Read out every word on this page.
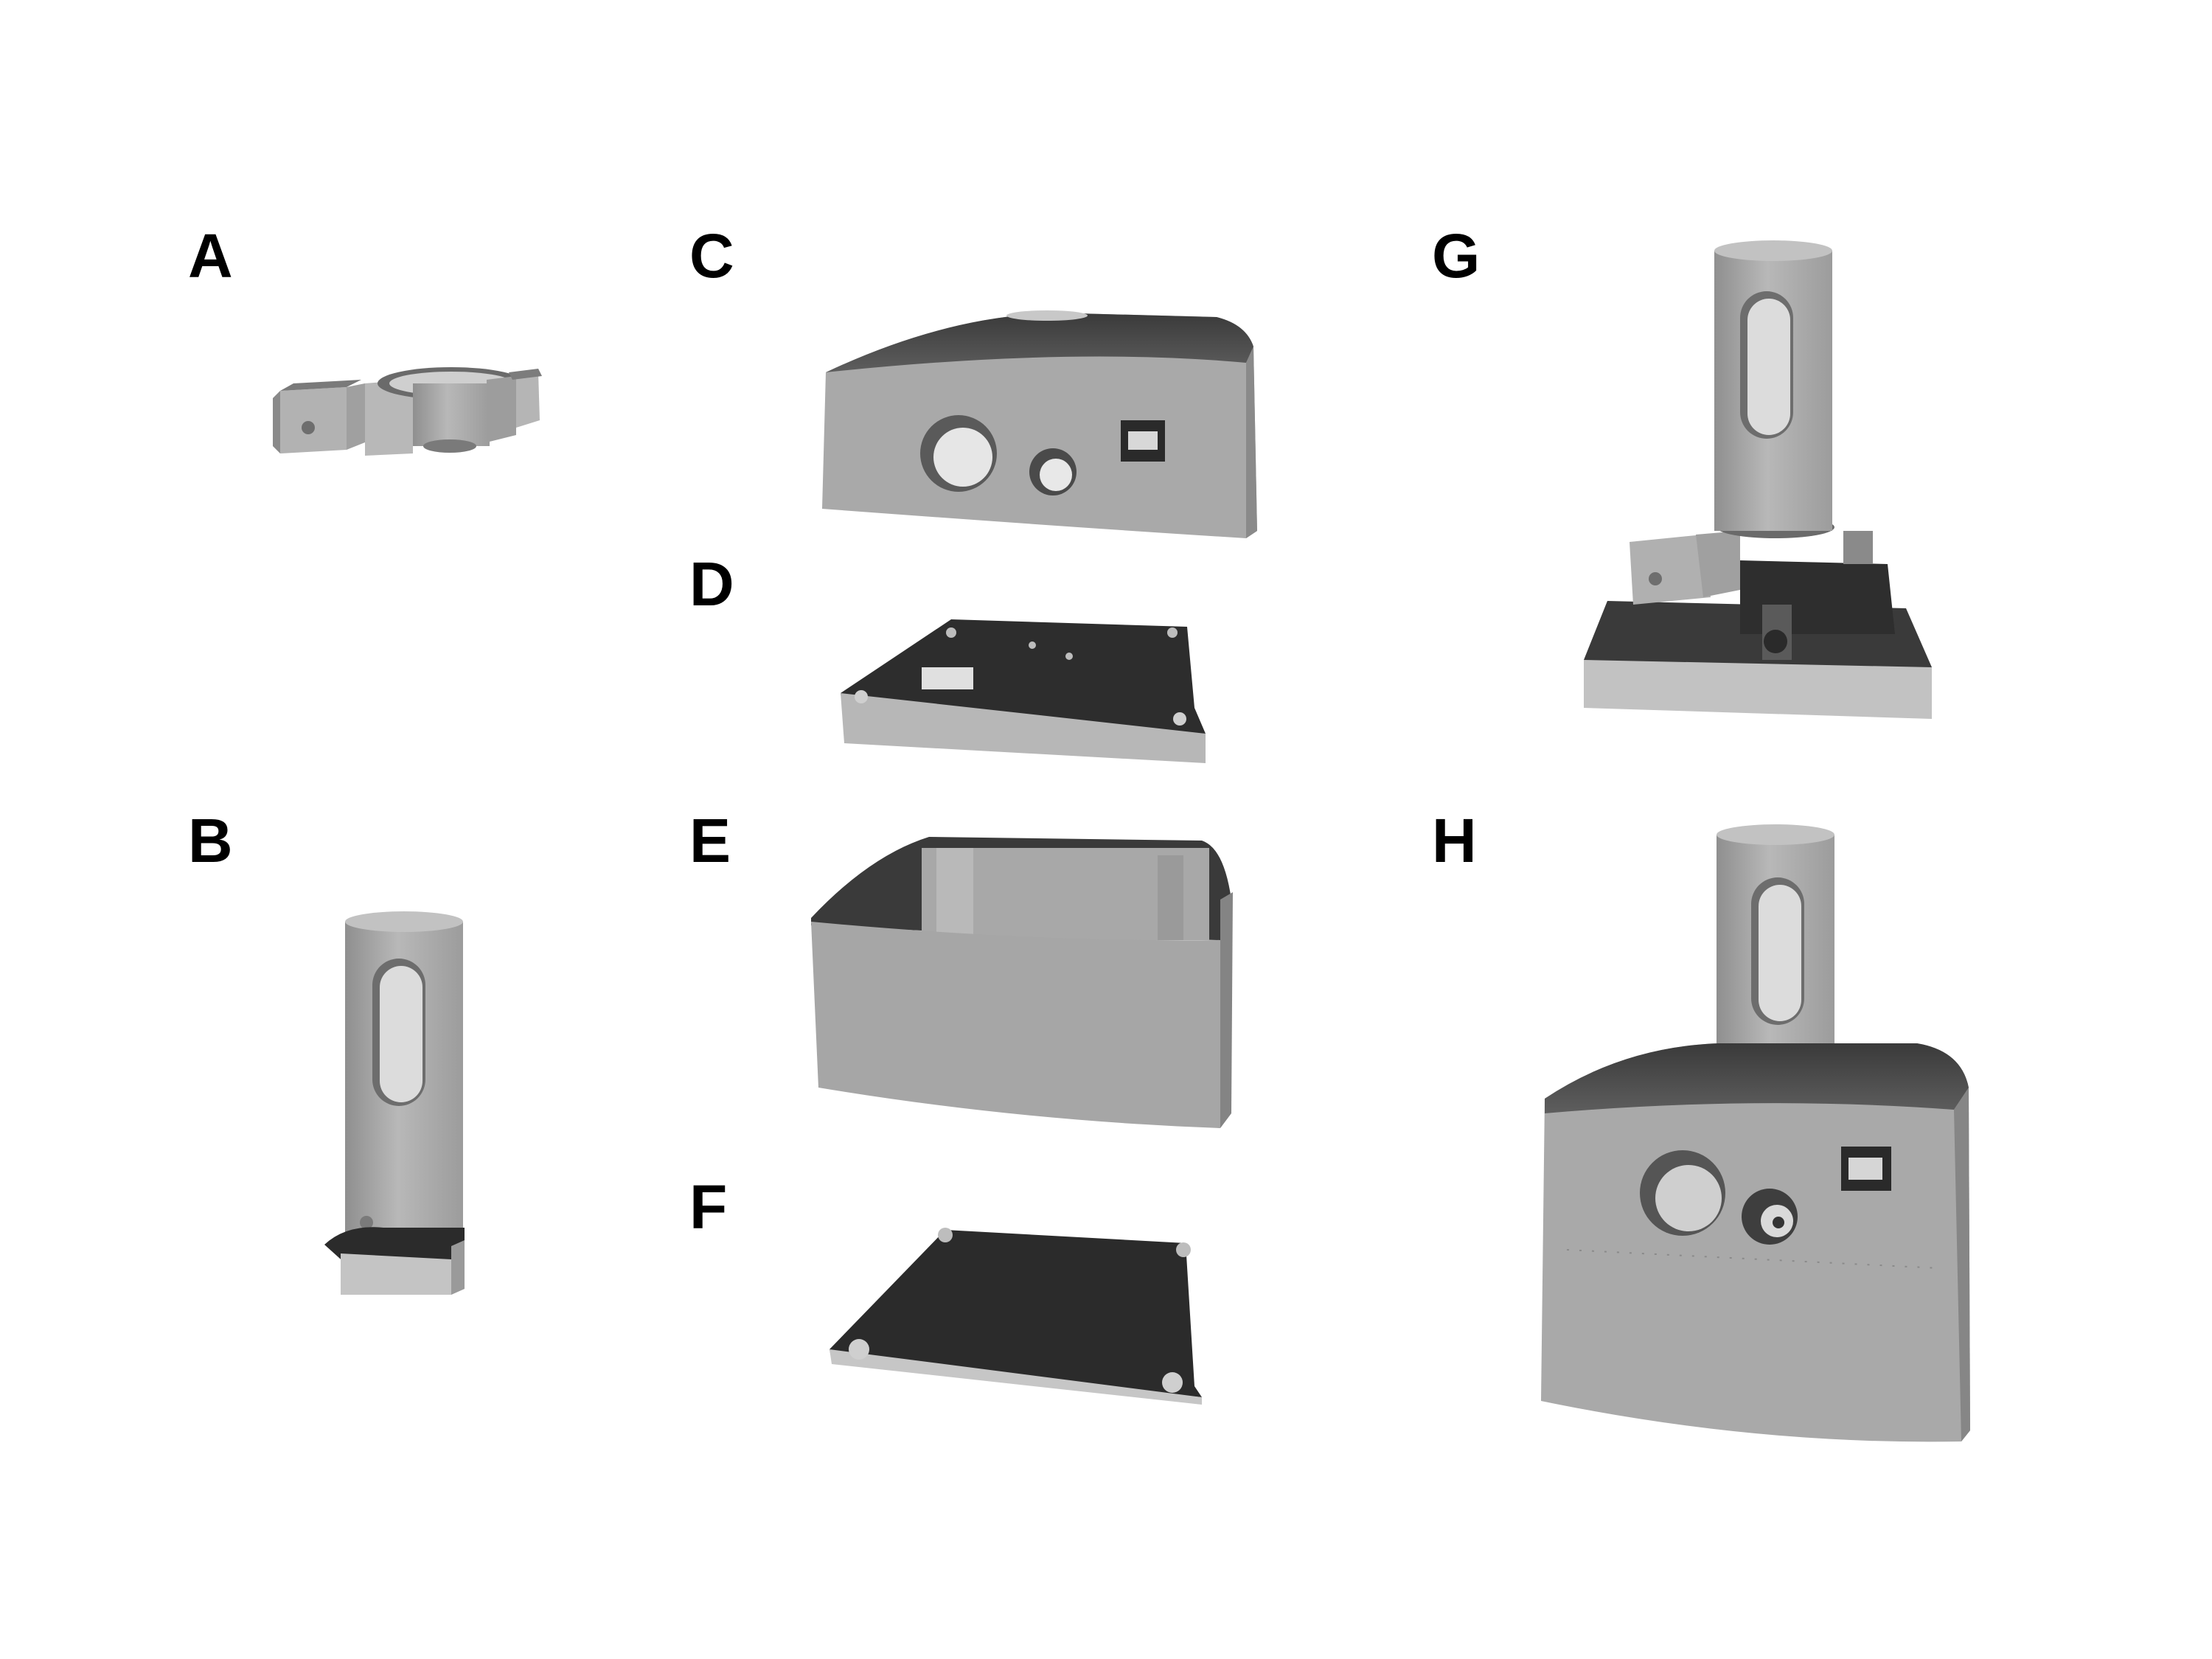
A
B
C
D
E
F
G
H
